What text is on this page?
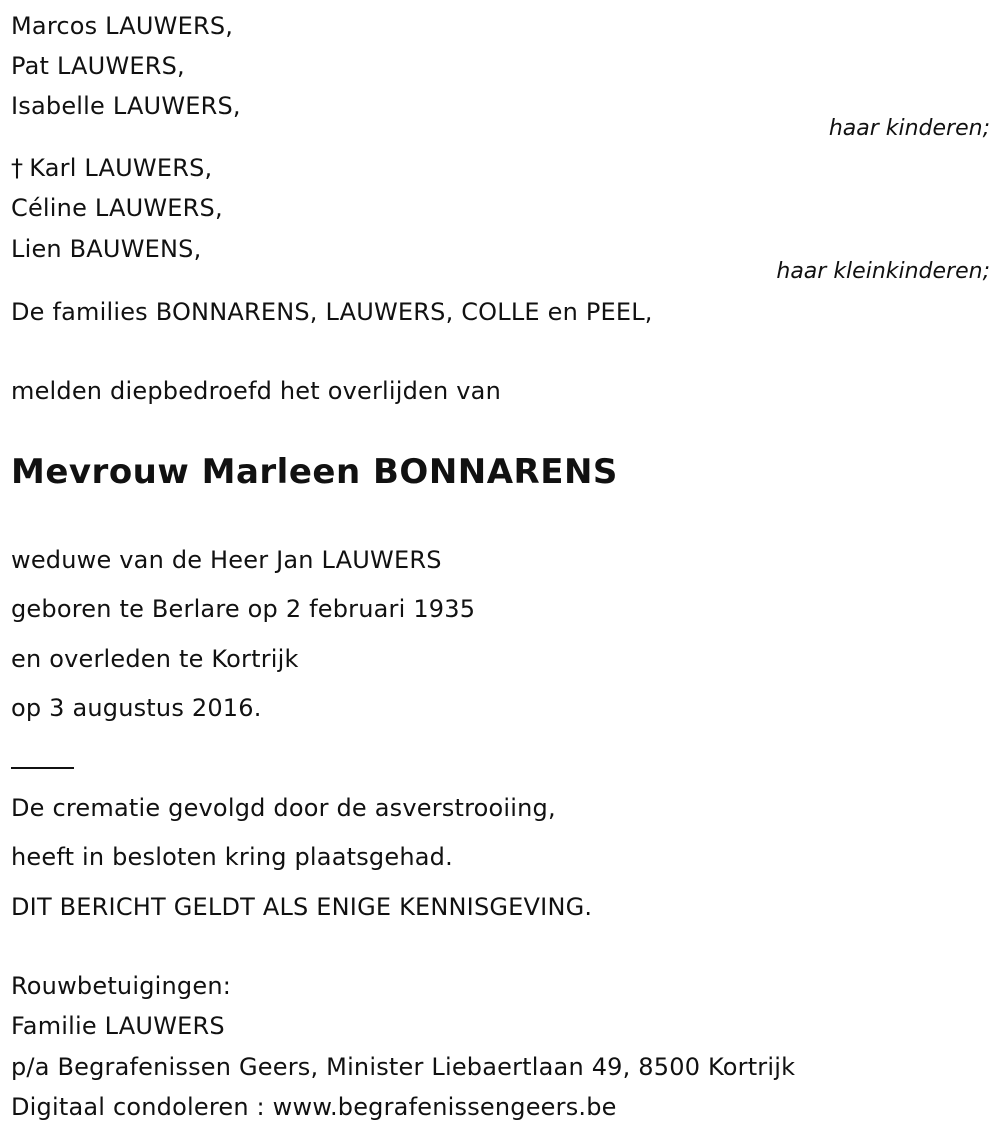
Marcos LAUWERS,
Pat LAUWERS,
Isabelle LAUWERS,
haar kinderen;
† Karl LAUWERS,
Céline LAUWERS,
Lien BAUWENS,
haar kleinkinderen;
De families BONNARENS, LAUWERS, COLLE en PEEL,
melden diepbedroefd het overlijden van
Mevrouw Marleen BONNARENS
weduwe van de Heer Jan LAUWERS
geboren te Berlare op 2 februari 1935
en overleden te Kortrijk
op 3 augustus 2016.
De crematie gevolgd door de asverstrooiing,
heeft in besloten kring plaatsgehad.
DIT BERICHT GELDT ALS ENIGE KENNISGEVING.
Rouwbetuigingen:
Familie LAUWERS
p/a Begrafenissen Geers, Minister Liebaertlaan 49, 8500 Kortrijk
Digitaal condoleren : www.begrafenissengeers.be
